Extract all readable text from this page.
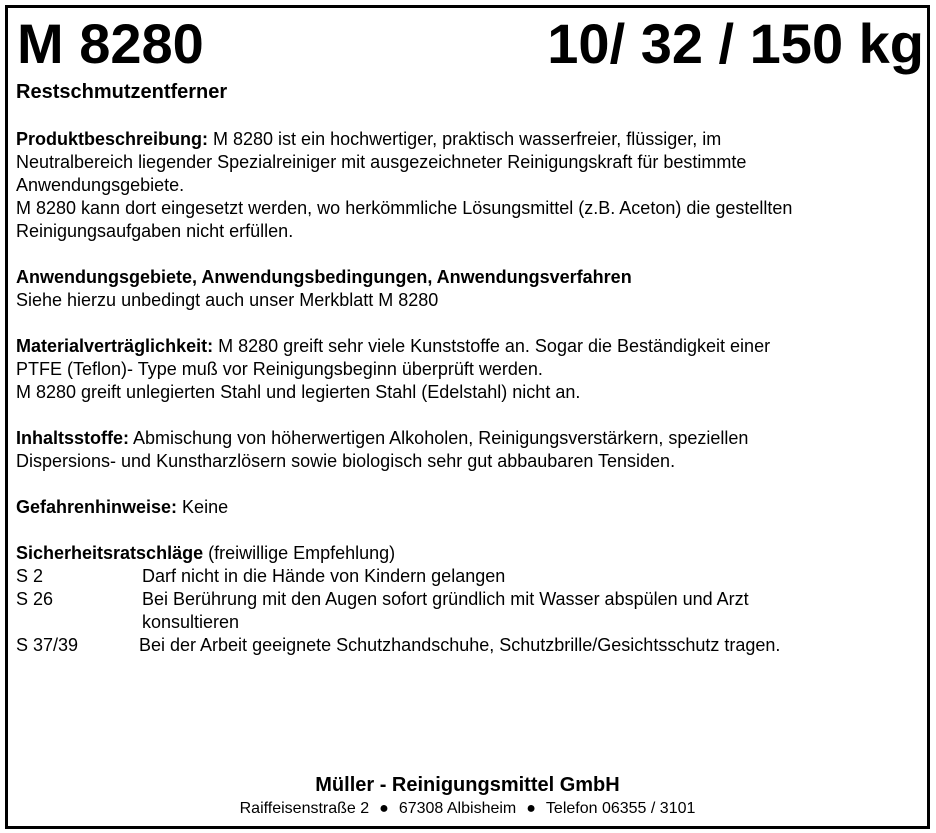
M 8280	10/ 32 / 150 kg
Restschmutzentferner

Produktbeschreibung: M 8280 ist ein hochwertiger, praktisch wasserfreier, flüssiger, im

Neutralbereich liegender Spezialreiniger mit ausgezeichneter Reinigungskraft für bestimmte

Anwendungsgebiete.

M 8280 kann dort eingesetzt werden, wo herkömmliche Lösungsmittel (z.B. Aceton) die gestellten

Reinigungsaufgaben nicht erfüllen.

Anwendungsgebiete, Anwendungsbedingungen, Anwendungsverfahren

Siehe hierzu unbedingt auch unser Merkblatt M 8280

Materialverträglichkeit: M 8280 greift sehr viele Kunststoffe an. Sogar die Beständigkeit einer

PTFE (Teflon)- Type muß vor Reinigungsbeginn überprüft werden.

M 8280 greift unlegierten Stahl und legierten Stahl (Edelstahl) nicht an.

Inhaltsstoffe: Abmischung von höherwertigen Alkoholen, Reinigungsverstärkern, speziellen

Dispersions- und Kunstharzlösern sowie biologisch sehr gut abbaubaren Tensiden.

Gefahrenhinweise: Keine

Sicherheitsratschläge (freiwillige Empfehlung)

S 2	Darf nicht in die Hände von Kindern gelangen
S 26	Bei Berührung mit den Augen sofort gründlich mit Wasser abspülen und Arzt konsultieren
S 37/39	Bei der Arbeit geeignete Schutzhandschuhe, Schutzbrille/Gesichtsschutz tragen.
Müller - Reinigungsmittel GmbH
Raiffeisenstraße 2 ● 67308 Albisheim ● Telefon 06355 / 3101
